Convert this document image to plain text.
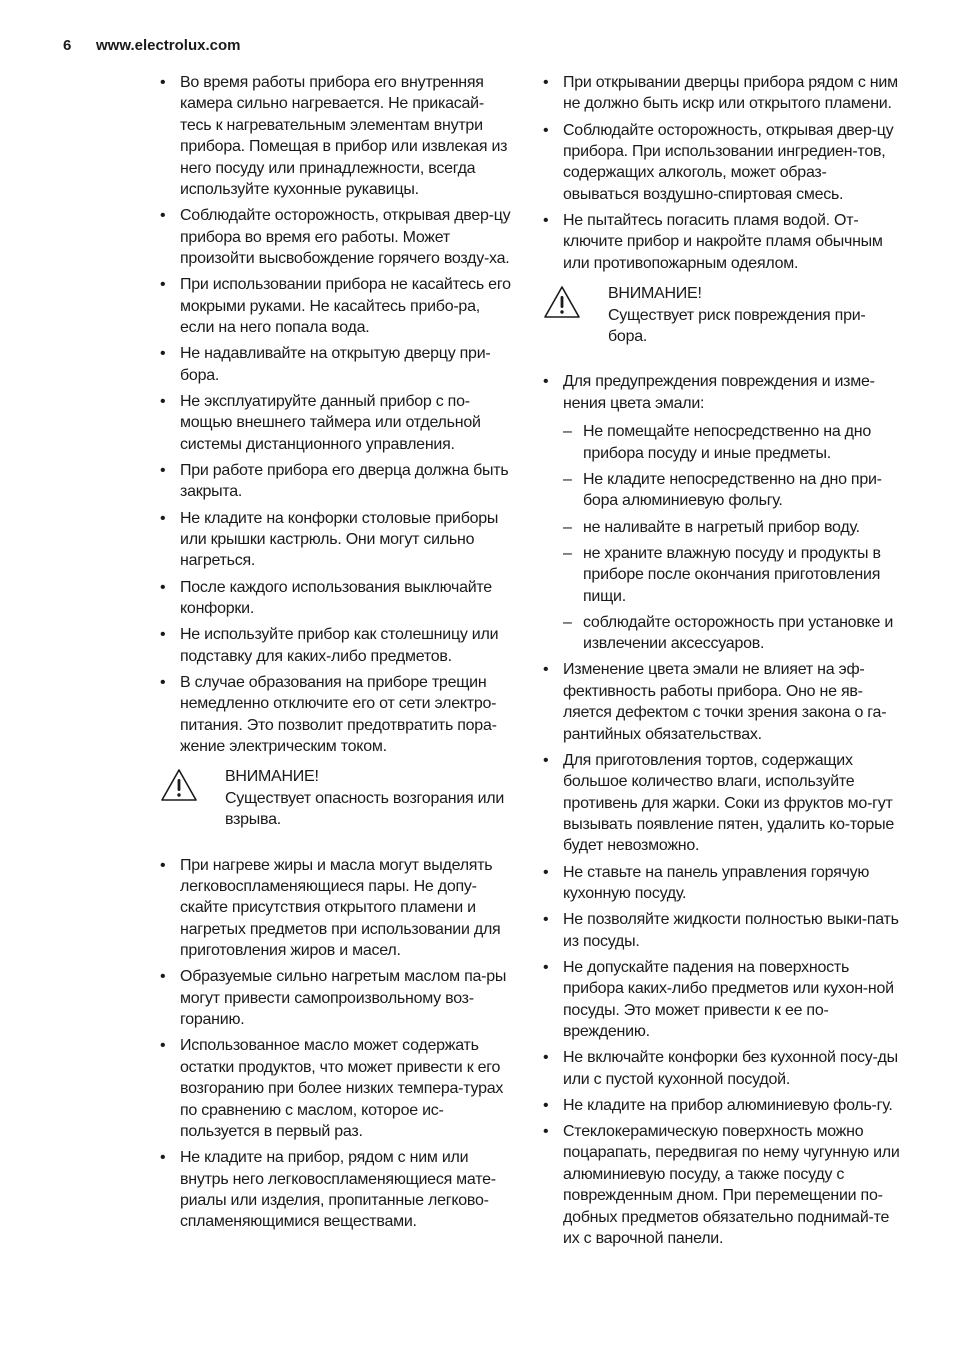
6 www.electrolux.com
• Во время работы прибора его внутренняя камера сильно нагревается. Не прикасай-тесь к нагревательным элементам внутри прибора. Помещая в прибор или извлекая из него посуду или принадлежности, всегда используйте кухонные рукавицы.
• Соблюдайте осторожность, открывая двер-цу прибора во время его работы. Может произойти высвобождение горячего возду-ха.
• При использовании прибора не касайтесь его мокрыми руками. Не касайтесь прибо-ра, если на него попала вода.
• Не надавливайте на открытую дверцу при-бора.
• Не эксплуатируйте данный прибор с по-мощью внешнего таймера или отдельной системы дистанционного управления.
• При работе прибора его дверца должна быть закрыта.
• Не кладите на конфорки столовые приборы или крышки кастрюль. Они могут сильно нагреться.
• После каждого использования выключайте конфорки.
• Не используйте прибор как столешницу или подставку для каких-либо предметов.
• В случае образования на приборе трещин немедленно отключите его от сети электро-питания. Это позволит предотвратить пора-жение электрическим током.
ВНИМАНИЕ!
Существует опасность возгорания или взрыва.
• При нагреве жиры и масла могут выделять легковоспламеняющиеся пары. Не допу-скайте присутствия открытого пламени и нагретых предметов при использовании для приготовления жиров и масел.
• Образуемые сильно нагретым маслом па-ры могут привести самопроизвольному воз-горанию.
• Использованное масло может содержать остатки продуктов, что может привести к его возгоранию при более низких темпера-турах по сравнению с маслом, которое ис-пользуется в первый раз.
• Не кладите на прибор, рядом с ним или внутрь него легковоспламеняющиеся мате-риалы или изделия, пропитанные легково-спламеняющимися веществами.
• При открывании дверцы прибора рядом с ним не должно быть искр или открытого пламени.
• Соблюдайте осторожность, открывая двер-цу прибора. При использовании ингредиен-тов, содержащих алкоголь, может образ-овываться воздушно-спиртовая смесь.
• Не пытайтесь погасить пламя водой. От-ключите прибор и накройте пламя обычным или противопожарным одеялом.
ВНИМАНИЕ!
Существует риск повреждения при-бора.
• Для предупреждения повреждения и изме-нения цвета эмали:
– Не помещайте непосредственно на дно прибора посуду и иные предметы.
– Не кладите непосредственно на дно при-бора алюминиевую фольгу.
– не наливайте в нагретый прибор воду.
– не храните влажную посуду и продукты в приборе после окончания приготовления пищи.
– соблюдайте осторожность при установке и извлечении аксессуаров.
• Изменение цвета эмали не влияет на эф-фективность работы прибора. Оно не яв-ляется дефектом с точки зрения закона о га-рантийных обязательствах.
• Для приготовления тортов, содержащих большое количество влаги, используйте противень для жарки. Соки из фруктов мо-гут вызывать появление пятен, удалить ко-торые будет невозможно.
• Не ставьте на панель управления горячую кухонную посуду.
• Не позволяйте жидкости полностью выки-пать из посуды.
• Не допускайте падения на поверхность прибора каких-либо предметов или кухон-ной посуды. Это может привести к ее по-вреждению.
• Не включайте конфорки без кухонной посу-ды или с пустой кухонной посудой.
• Не кладите на прибор алюминиевую фоль-гу.
• Стеклокерамическую поверхность можно поцарапать, передвигая по нему чугунную или алюминиевую посуду, а также посуду с поврежденным дном. При перемещении по-добных предметов обязательно поднимай-те их с варочной панели.
